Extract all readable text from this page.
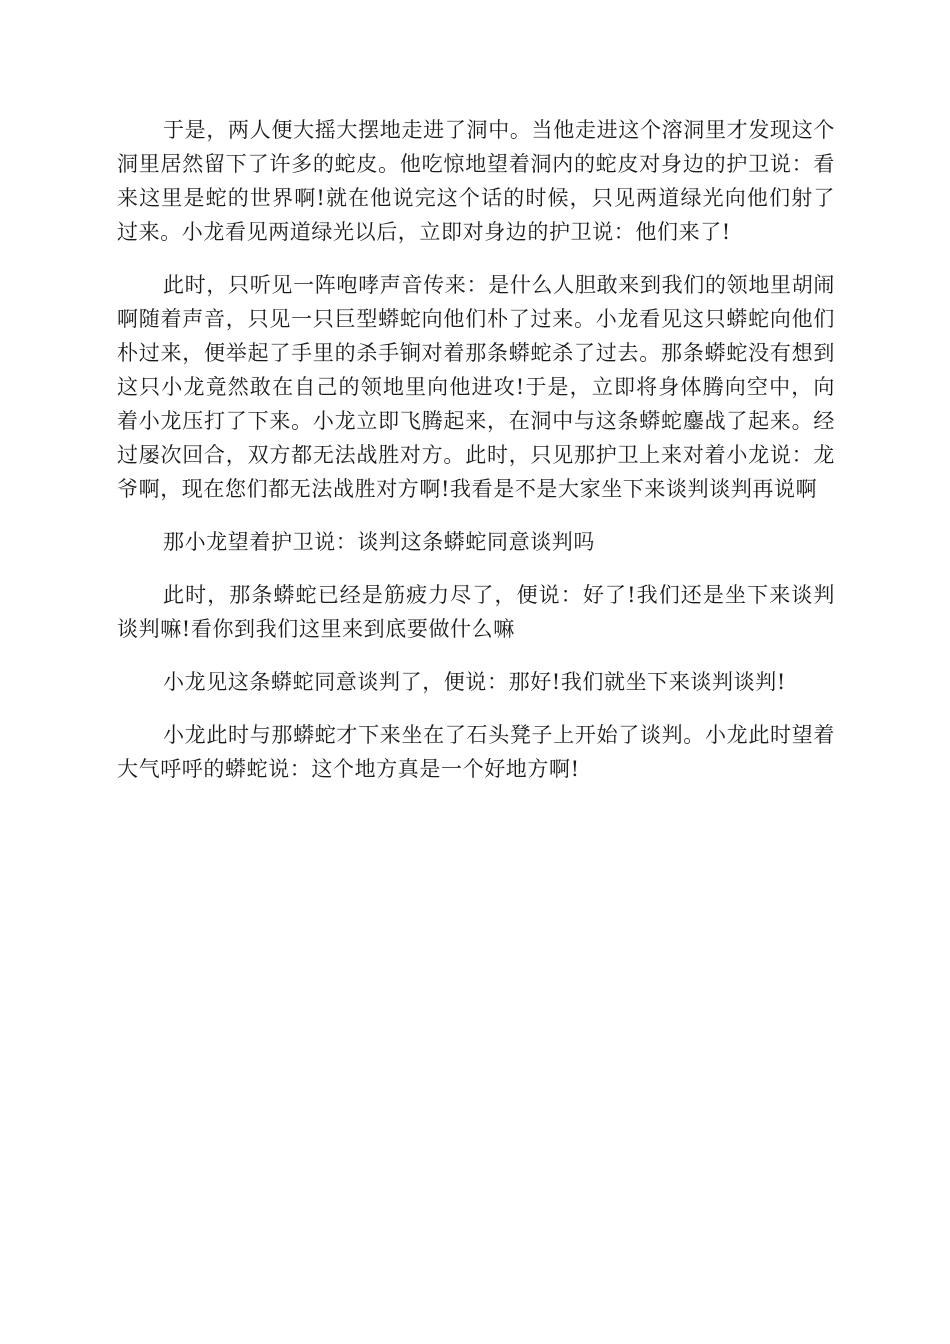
于是，两人便大摇大摆地走进了洞中。当他走进这个溶洞里才发现这个洞里居然留下了许多的蛇皮。他吃惊地望着洞内的蛇皮对身边的护卫说：看来这里是蛇的世界啊!就在他说完这个话的时候，只见两道绿光向他们射了过来。小龙看见两道绿光以后，立即对身边的护卫说：他们来了!

此时，只听见一阵咆哮声音传来：是什么人胆敢来到我们的领地里胡闹啊随着声音，只见一只巨型蟒蛇向他们朴了过来。小龙看见这只蟒蛇向他们朴过来，便举起了手里的杀手锏对着那条蟒蛇杀了过去。那条蟒蛇没有想到这只小龙竟然敢在自己的领地里向他进攻!于是，立即将身体腾向空中，向着小龙压打了下来。小龙立即飞腾起来，在洞中与这条蟒蛇鏖战了起来。经过屡次回合，双方都无法战胜对方。此时，只见那护卫上来对着小龙说：龙爷啊，现在您们都无法战胜对方啊!我看是不是大家坐下来谈判谈判再说啊

那小龙望着护卫说：谈判这条蟒蛇同意谈判吗

此时，那条蟒蛇已经是筋疲力尽了，便说：好了!我们还是坐下来谈判谈判嘛!看你到我们这里来到底要做什么嘛

小龙见这条蟒蛇同意谈判了，便说：那好!我们就坐下来谈判谈判!

小龙此时与那蟒蛇才下来坐在了石头凳子上开始了谈判。小龙此时望着大气呼呼的蟒蛇说：这个地方真是一个好地方啊!
